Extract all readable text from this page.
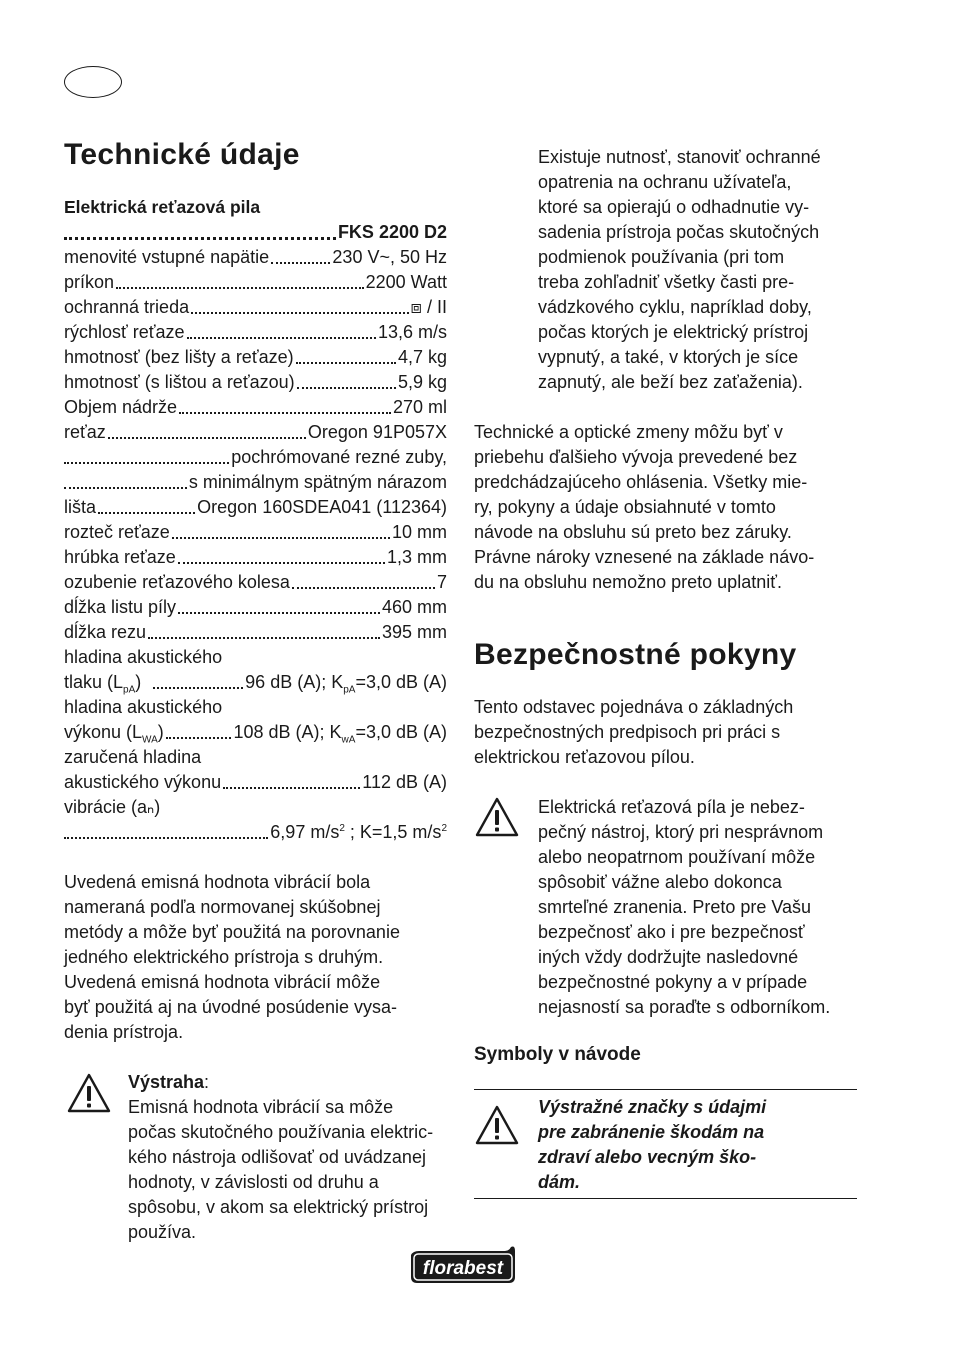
Technické údaje
Elektrická reťazová pila
FKS 2200 D2
menovité vstupné napätie	230 V~, 50 Hz
príkon	2200 Watt
ochranná trieda	⧈ / II
rýchlosť reťaze	13,6 m/s
hmotnosť (bez lišty a reťaze)	4,7 kg
hmotnosť (s lištou a reťazou)	5,9 kg
Objem nádrže	270 ml
reťaz	Oregon 91P057X
pochrómované rezné zuby,
s minimálnym spätným nárazom
lišta	Oregon 160SDEA041 (112364)
rozteč reťaze	10 mm
hrúbka reťaze	1,3 mm
ozubenie reťazového kolesa	7
dĺžka listu píly	460 mm
dĺžka rezu	395 mm
hladina akustického
tlaku $(L_{pA})$	96 dB (A); $K_{pA}=3,0$ dB (A)
hladina akustického
výkonu $(L_{WA})$	108 dB (A); $K_{wA}=3,0$ dB (A)
zaručená hladina
akustického výkonu	112 dB (A)
vibrácie (aₙ)
6,97 $m/s^2$ ; K=1,5 $m/s^2$
Uvedená emisná hodnota vibrácií bola
nameraná podľa normovanej skúšobnej
metódy a môže byť použitá na porovnanie
jedného elektrického prístroja s druhým.
Uvedená emisná hodnota vibrácií môže
byť použitá aj na úvodné posúdenie vysa-
denia prístroja.
Výstraha:
Emisná hodnota vibrácií sa môže
počas skutočného používania elektric-
kého nástroja odlišovať od uvádzanej
hodnoty, v závislosti od druhu a
spôsobu, v akom sa elektrický prístroj
používa.
Existuje nutnosť, stanoviť ochranné
opatrenia na ochranu užívateľa,
ktoré sa opierajú o odhadnutie vy-
sadenia prístroja počas skutočných
podmienok používania (pri tom
treba zohľadniť všetky časti pre-
vádzkového cyklu, napríklad doby,
počas ktorých je elektrický prístroj
vypnutý, a také, v ktorých je síce
zapnutý, ale beží bez zaťaženia).
Technické a optické zmeny môžu byť v
priebehu ďalšieho vývoja prevedené bez
predchádzajúceho ohlásenia. Všetky mie-
ry, pokyny a údaje obsiahnuté v tomto
návode na obsluhu sú preto bez záruky.
Právne nároky vznesené na základe návo-
du na obsluhu nemožno preto uplatniť.
Bezpečnostné pokyny
Tento odstavec pojednáva o základných
bezpečnostných predpisoch pri práci s
elektrickou reťazovou pílou.
Elektrická reťazová píla je nebez-
pečný nástroj, ktorý pri nesprávnom
alebo neopatrnom používaní môže
spôsobiť vážne alebo dokonca
smrteľné zranenia. Preto pre Vašu
bezpečnosť ako i pre bezpečnosť
iných vždy dodržujte nasledovné
bezpečnostné pokyny a v prípade
nejasností sa poraďte s odborníkom.
Symboly v návode
Výstražné značky s údajmi
pre zabránenie škodám na
zdraví alebo vecným ško-
dám.
florabest
